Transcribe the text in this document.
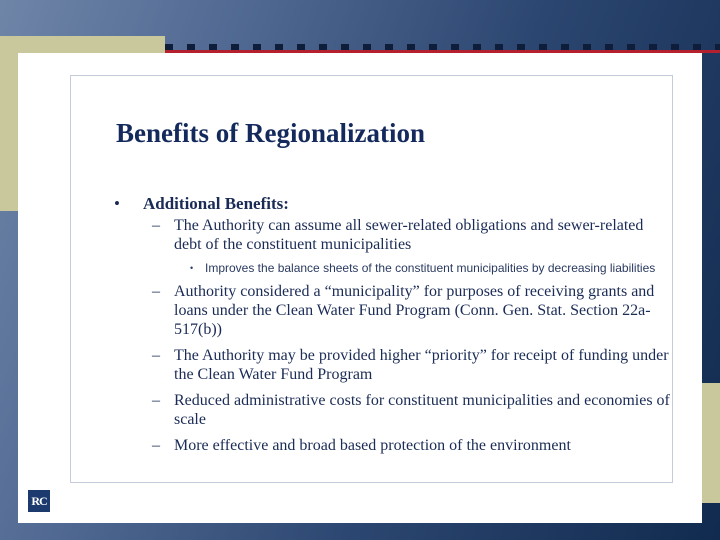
Benefits of Regionalization
• Additional Benefits:
– The Authority can assume all sewer-related obligations and sewer-related debt of the constituent municipalities
• Improves the balance sheets of the constituent municipalities by decreasing liabilities
– Authority considered a “municipality” for purposes of receiving grants and loans under the Clean Water Fund Program (Conn. Gen. Stat. Section 22a-517(b))
– The Authority may be provided higher “priority” for receipt of funding under the Clean Water Fund Program
– Reduced administrative costs for constituent municipalities and economies of scale
– More effective and broad based protection of the environment
RC
